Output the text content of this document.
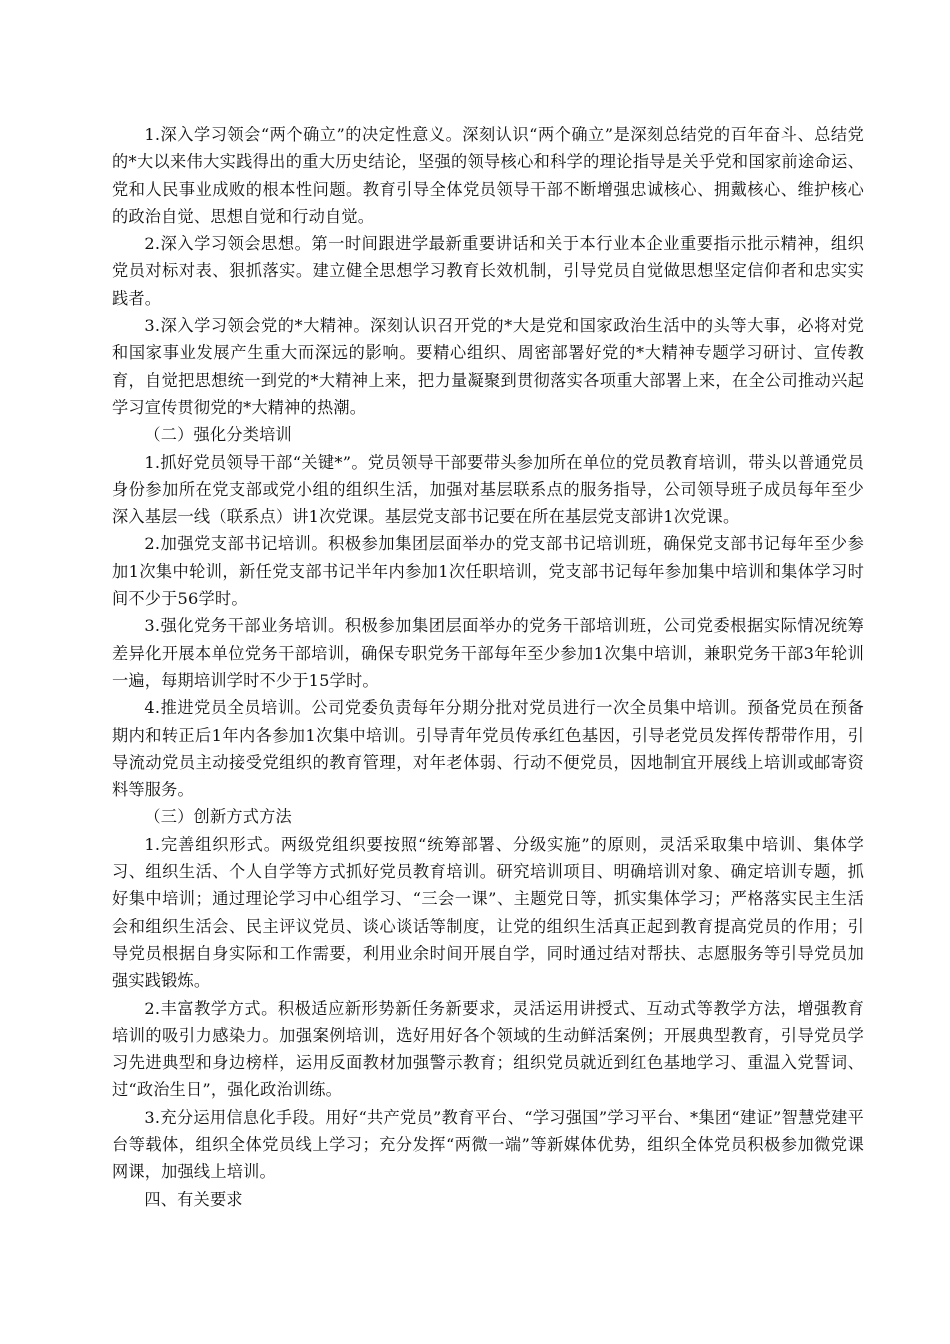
1.深入学习领会“两个确立”的决定性意义。深刻认识“两个确立”是深刻总结党的百年奋斗、总结党的*大以来伟大实践得出的重大历史结论，坚强的领导核心和科学的理论指导是关乎党和国家前途命运、党和人民事业成败的根本性问题。教育引导全体党员领导干部不断增强忠诚核心、拥戴核心、维护核心的政治自觉、思想自觉和行动自觉。

2.深入学习领会思想。第一时间跟进学最新重要讲话和关于本行业本企业重要指示批示精神，组织党员对标对表、狠抓落实。建立健全思想学习教育长效机制，引导党员自觉做思想坚定信仰者和忠实实践者。

3.深入学习领会党的*大精神。深刻认识召开党的*大是党和国家政治生活中的头等大事，必将对党和国家事业发展产生重大而深远的影响。要精心组织、周密部署好党的*大精神专题学习研讨、宣传教育，自觉把思想统一到党的*大精神上来，把力量凝聚到贯彻落实各项重大部署上来，在全公司推动兴起学习宣传贯彻党的*大精神的热潮。

（二）强化分类培训

1.抓好党员领导干部“关键*”。党员领导干部要带头参加所在单位的党员教育培训，带头以普通党员身份参加所在党支部或党小组的组织生活，加强对基层联系点的服务指导，公司领导班子成员每年至少深入基层一线（联系点）讲1次党课。基层党支部书记要在所在基层党支部讲1次党课。

2.加强党支部书记培训。积极参加集团层面举办的党支部书记培训班，确保党支部书记每年至少参加1次集中轮训，新任党支部书记半年内参加1次任职培训，党支部书记每年参加集中培训和集体学习时间不少于56学时。

3.强化党务干部业务培训。积极参加集团层面举办的党务干部培训班，公司党委根据实际情况统筹差异化开展本单位党务干部培训，确保专职党务干部每年至少参加1次集中培训，兼职党务干部3年轮训一遍，每期培训学时不少于15学时。

4.推进党员全员培训。公司党委负责每年分期分批对党员进行一次全员集中培训。预备党员在预备期内和转正后1年内各参加1次集中培训。引导青年党员传承红色基因，引导老党员发挥传帮带作用，引导流动党员主动接受党组织的教育管理，对年老体弱、行动不便党员，因地制宜开展线上培训或邮寄资料等服务。

（三）创新方式方法

1.完善组织形式。两级党组织要按照“统筹部署、分级实施”的原则，灵活采取集中培训、集体学习、组织生活、个人自学等方式抓好党员教育培训。研究培训项目、明确培训对象、确定培训专题，抓好集中培训；通过理论学习中心组学习、“三会一课”、主题党日等，抓实集体学习；严格落实民主生活会和组织生活会、民主评议党员、谈心谈话等制度，让党的组织生活真正起到教育提高党员的作用；引导党员根据自身实际和工作需要，利用业余时间开展自学，同时通过结对帮扶、志愿服务等引导党员加强实践锻炼。

2.丰富教学方式。积极适应新形势新任务新要求，灵活运用讲授式、互动式等教学方法，增强教育培训的吸引力感染力。加强案例培训，选好用好各个领域的生动鲜活案例；开展典型教育，引导党员学习先进典型和身边榜样，运用反面教材加强警示教育；组织党员就近到红色基地学习、重温入党誓词、过“政治生日”，强化政治训练。

3.充分运用信息化手段。用好“共产党员”教育平台、“学习强国”学习平台、*集团“建证”智慧党建平台等载体，组织全体党员线上学习；充分发挥“两微一端”等新媒体优势，组织全体党员积极参加微党课网课，加强线上培训。

四、有关要求
